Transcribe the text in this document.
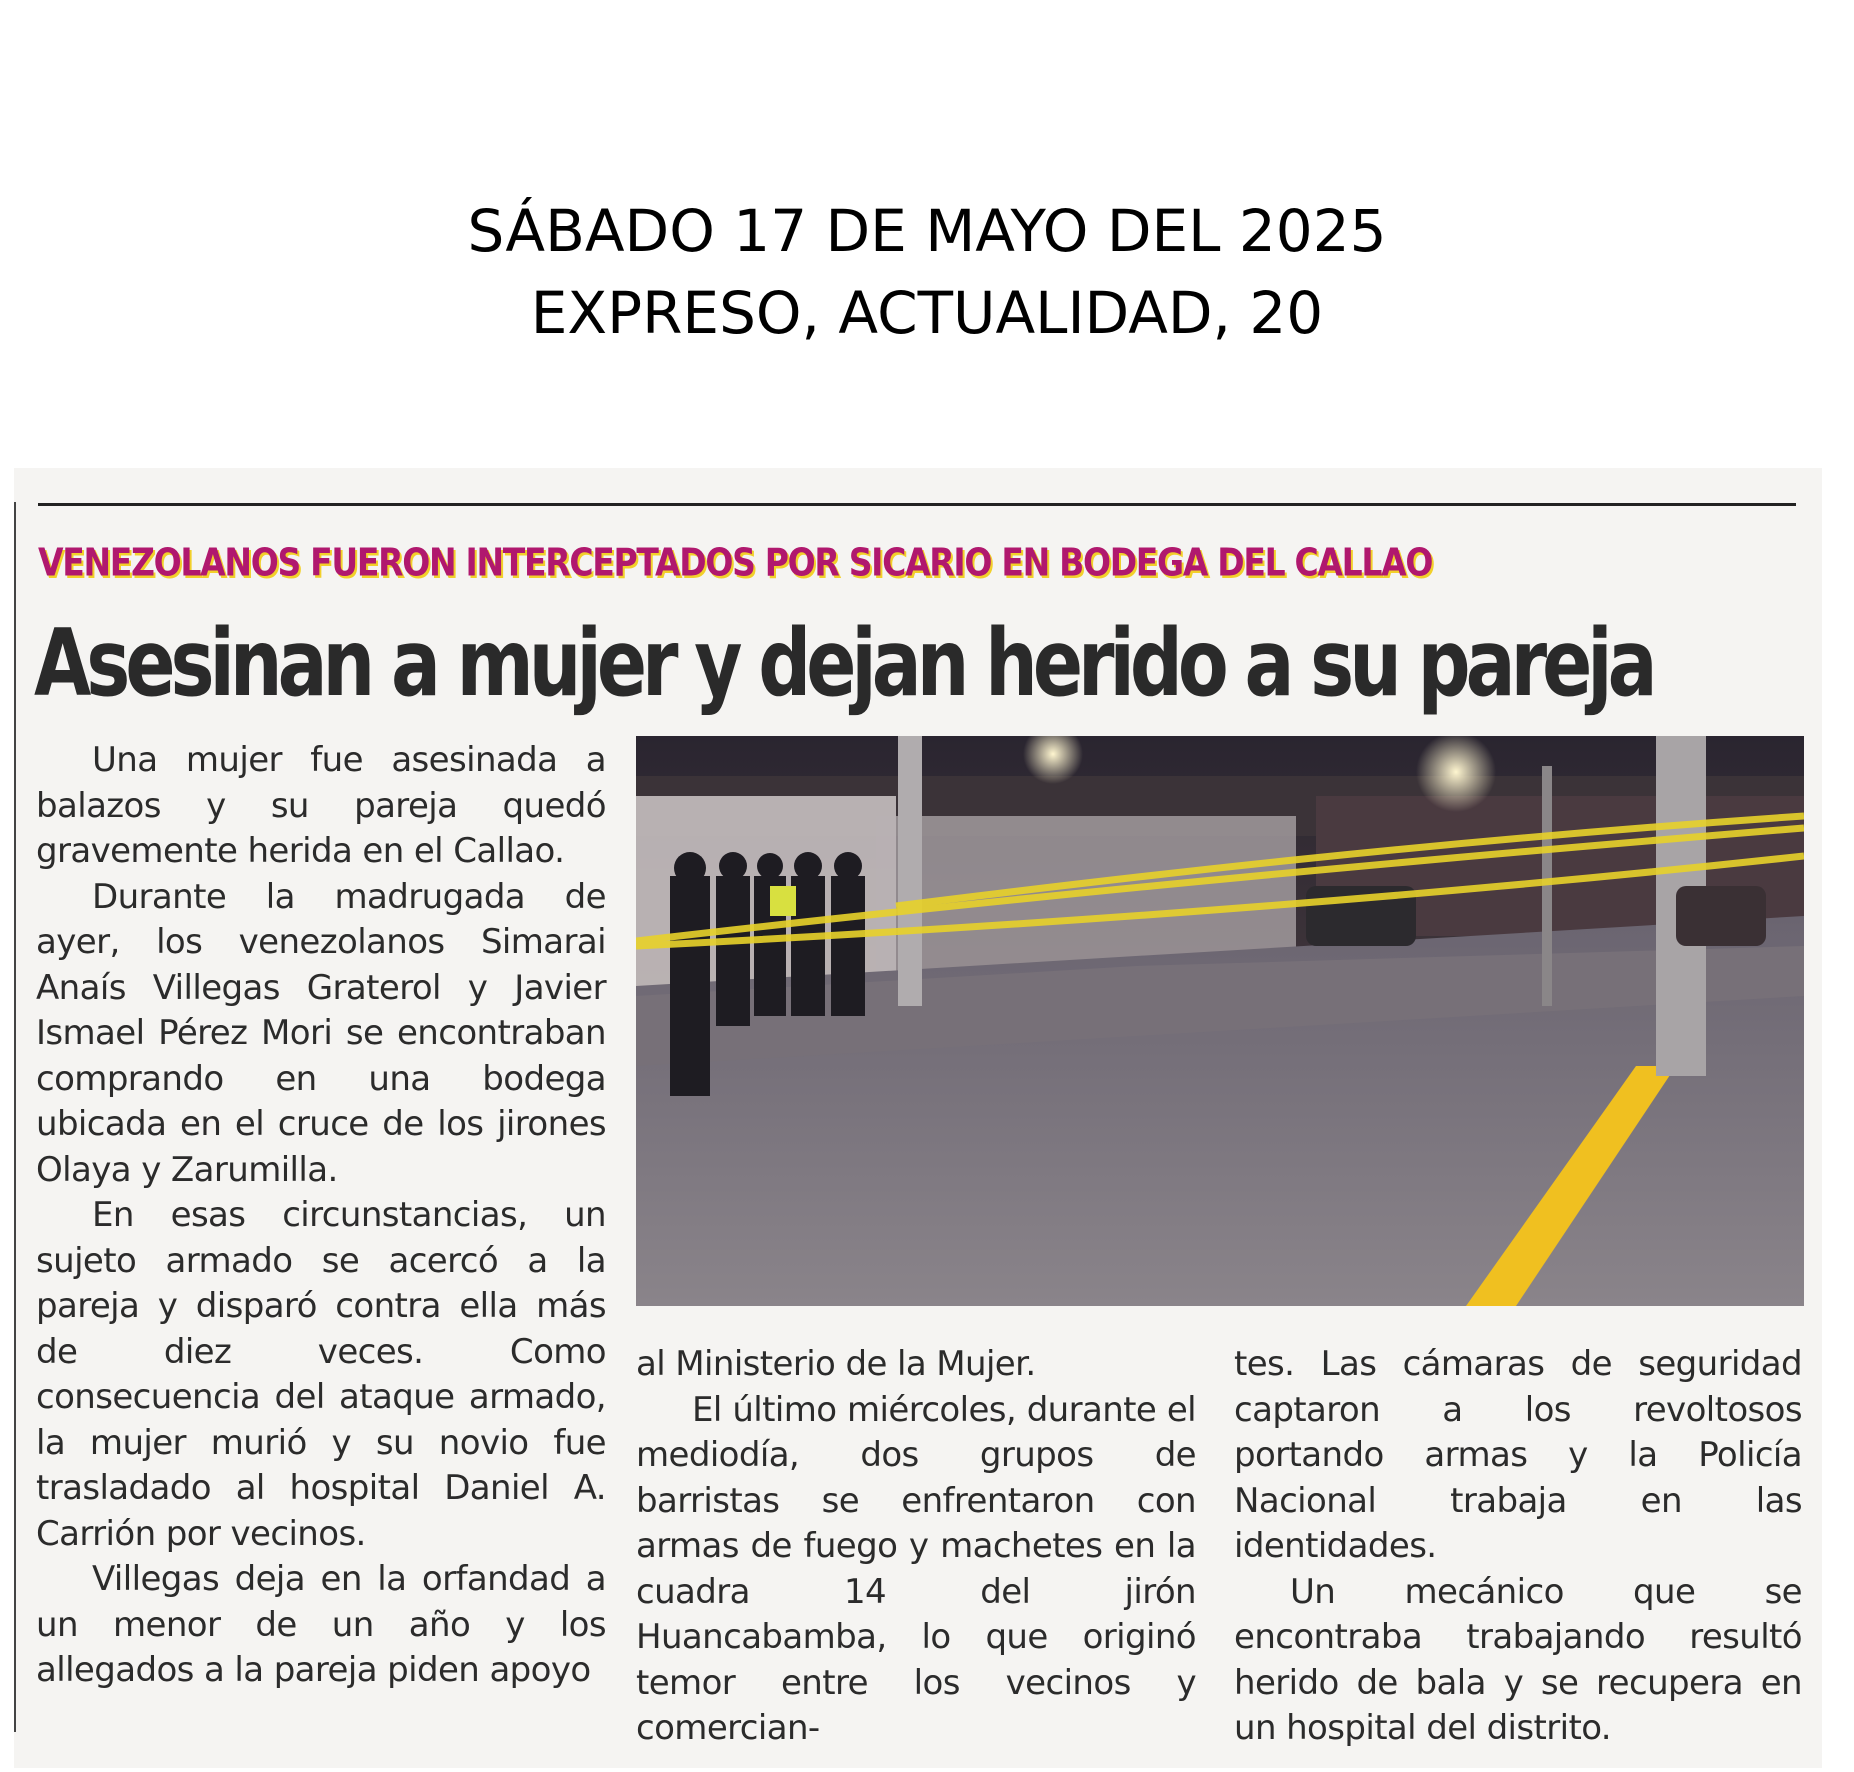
SÁBADO 17 DE MAYO DEL 2025
EXPRESO, ACTUALIDAD, 20
VENEZOLANOS FUERON INTERCEPTADOS POR SICARIO EN BODEGA DEL CALLAO
Asesinan a mujer y dejan herido a su pareja

Una mujer fue asesinada a balazos y su pareja quedó gravemente herida en el Callao.

Durante la madrugada de ayer, los venezolanos Simarai Anaís Villegas Graterol y Javier Ismael Pérez Mori se encontraban comprando en una bodega ubicada en el cruce de los jirones Olaya y Zarumilla.

En esas circunstancias, un sujeto armado se acercó a la pareja y disparó contra ella más de diez veces. Como consecuencia del ataque armado, la mujer murió y su novio fue trasladado al hospital Daniel A. Carrión por vecinos.

Villegas deja en la orfandad a un menor de un año y los allegados a la pareja piden apoyo

al Ministerio de la Mujer.

El último miércoles, durante el mediodía, dos grupos de barristas se enfrentaron con armas de fuego y machetes en la cuadra 14 del jirón Huancabamba, lo que originó temor entre los vecinos y comercian-

tes. Las cámaras de seguridad captaron a los revoltosos portando armas y la Policía Nacional trabaja en las identidades.

Un mecánico que se encontraba trabajando resultó herido de bala y se recupera en un hospital del distrito.
